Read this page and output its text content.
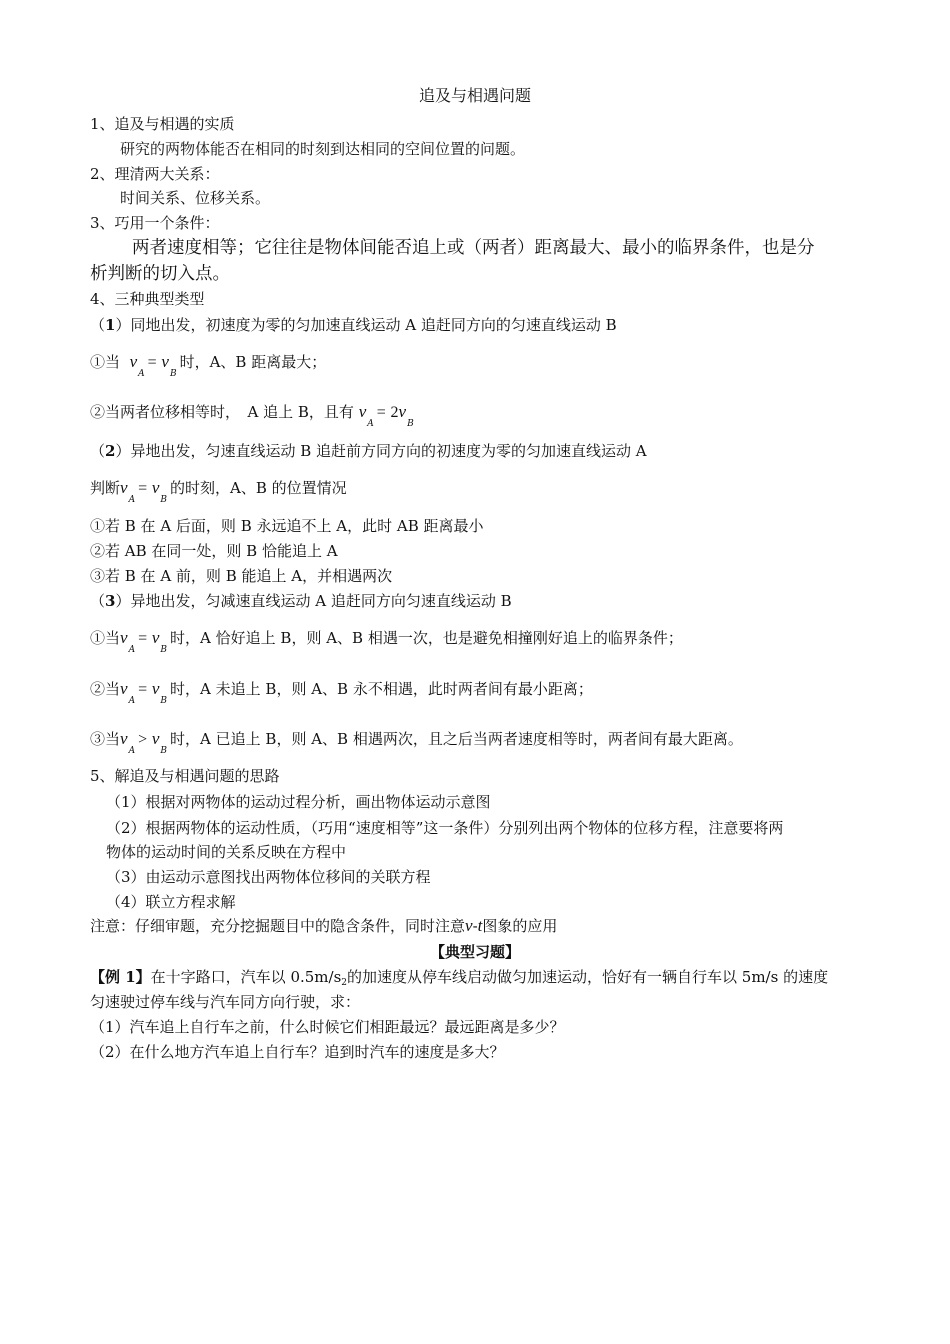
追及与相遇问题
1、追及与相遇的实质
研究的两物体能否在相同的时刻到达相同的空间位置的问题。
2、理清两大关系：
时间关系、位移关系。
3、巧用一个条件：
两者速度相等；它往往是物体间能否追上或（两者）距离最大、最小的临界条件，也是分
析判断的切入点。
4、三种典型类型
（1）同地出发，初速度为零的匀加速直线运动 A 追赶同方向的匀速直线运动 B
①当 $v_A= v_B$时，A、B 距离最大；
②当两者位移相等时，　A 追上 B，且有 $v_A= 2v_B$
（2）异地出发，匀速直线运动 B 追赶前方同方向的初速度为零的匀加速直线运动 A
判断$v_A= v_B$的时刻，A、B 的位置情况
①若 B 在 A 后面，则 B 永远追不上 A，此时 AB 距离最小
②若 AB 在同一处，则 B 恰能追上 A
③若 B 在 A 前，则 B 能追上 A，并相遇两次
（3）异地出发，匀减速直线运动 A 追赶同方向匀速直线运动 B
①当$v_A= v_B$时，A 恰好追上 B，则 A、B 相遇一次，也是避免相撞刚好追上的临界条件；
②当$v_A= v_B$时，A 未追上 B，则 A、B 永不相遇，此时两者间有最小距离；
③当$v_A> v_B$时，A 已追上 B，则 A、B 相遇两次，且之后当两者速度相等时，两者间有最大距离。
5、解追及与相遇问题的思路
（1）根据对两物体的运动过程分析，画出物体运动示意图
（2）根据两物体的运动性质，（巧用“速度相等”这一条件）分别列出两个物体的位移方程，注意要将两
物体的运动时间的关系反映在方程中
（3）由运动示意图找出两物体位移间的关联方程
（4）联立方程求解
注意：仔细审题，充分挖掘题目中的隐含条件，同时注意v-t图象的应用
【典型习题】
【例 1】在十字路口，汽车以 $0.5m/s_2$的加速度从停车线启动做匀加速运动，恰好有一辆自行车以 5m/s 的速度
匀速驶过停车线与汽车同方向行驶，求：
（1）汽车追上自行车之前，什么时候它们相距最远？最远距离是多少？
（2）在什么地方汽车追上自行车？追到时汽车的速度是多大？
